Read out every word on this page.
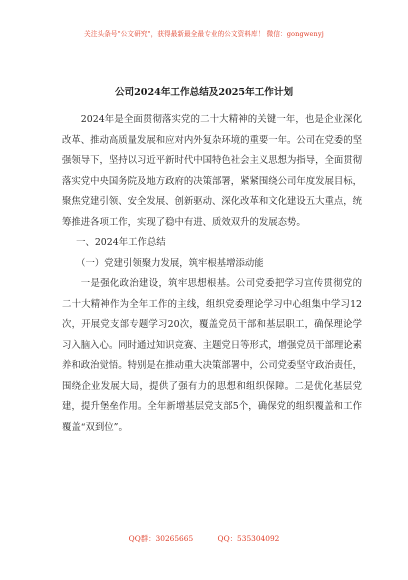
关注头条号"公文研究"，获得最新最全最专业的公文资料库！ 微信：gongwenyj
公司2024年工作总结及2025年工作计划

2024年是全面贯彻落实党的二十大精神的关键一年，也是企业深化改革、推动高质量发展和应对内外复杂环境的重要一年。公司在党委的坚强领导下，坚持以习近平新时代中国特色社会主义思想为指导，全面贯彻落实党中央国务院及地方政府的决策部署，紧紧围绕公司年度发展目标，聚焦党建引领、安全发展、创新驱动、深化改革和文化建设五大重点，统筹推进各项工作，实现了稳中有进、质效双升的发展态势。

一、2024年工作总结

（一）党建引领聚力发展，筑牢根基增添动能

一是强化政治建设，筑牢思想根基。公司党委把学习宣传贯彻党的二十大精神作为全年工作的主线，组织党委理论学习中心组集中学习12次，开展党支部专题学习20次，覆盖党员干部和基层职工，确保理论学习入脑入心。同时通过知识竞赛、主题党日等形式，增强党员干部理论素养和政治觉悟。特别是在推动重大决策部署中，公司党委坚守政治责任，围绕企业发展大局，提供了强有力的思想和组织保障。二是优化基层党建，提升堡垒作用。全年新增基层党支部5个，确保党的组织覆盖和工作覆盖“双到位”。

QQ群：30265665	QQ：535304092
